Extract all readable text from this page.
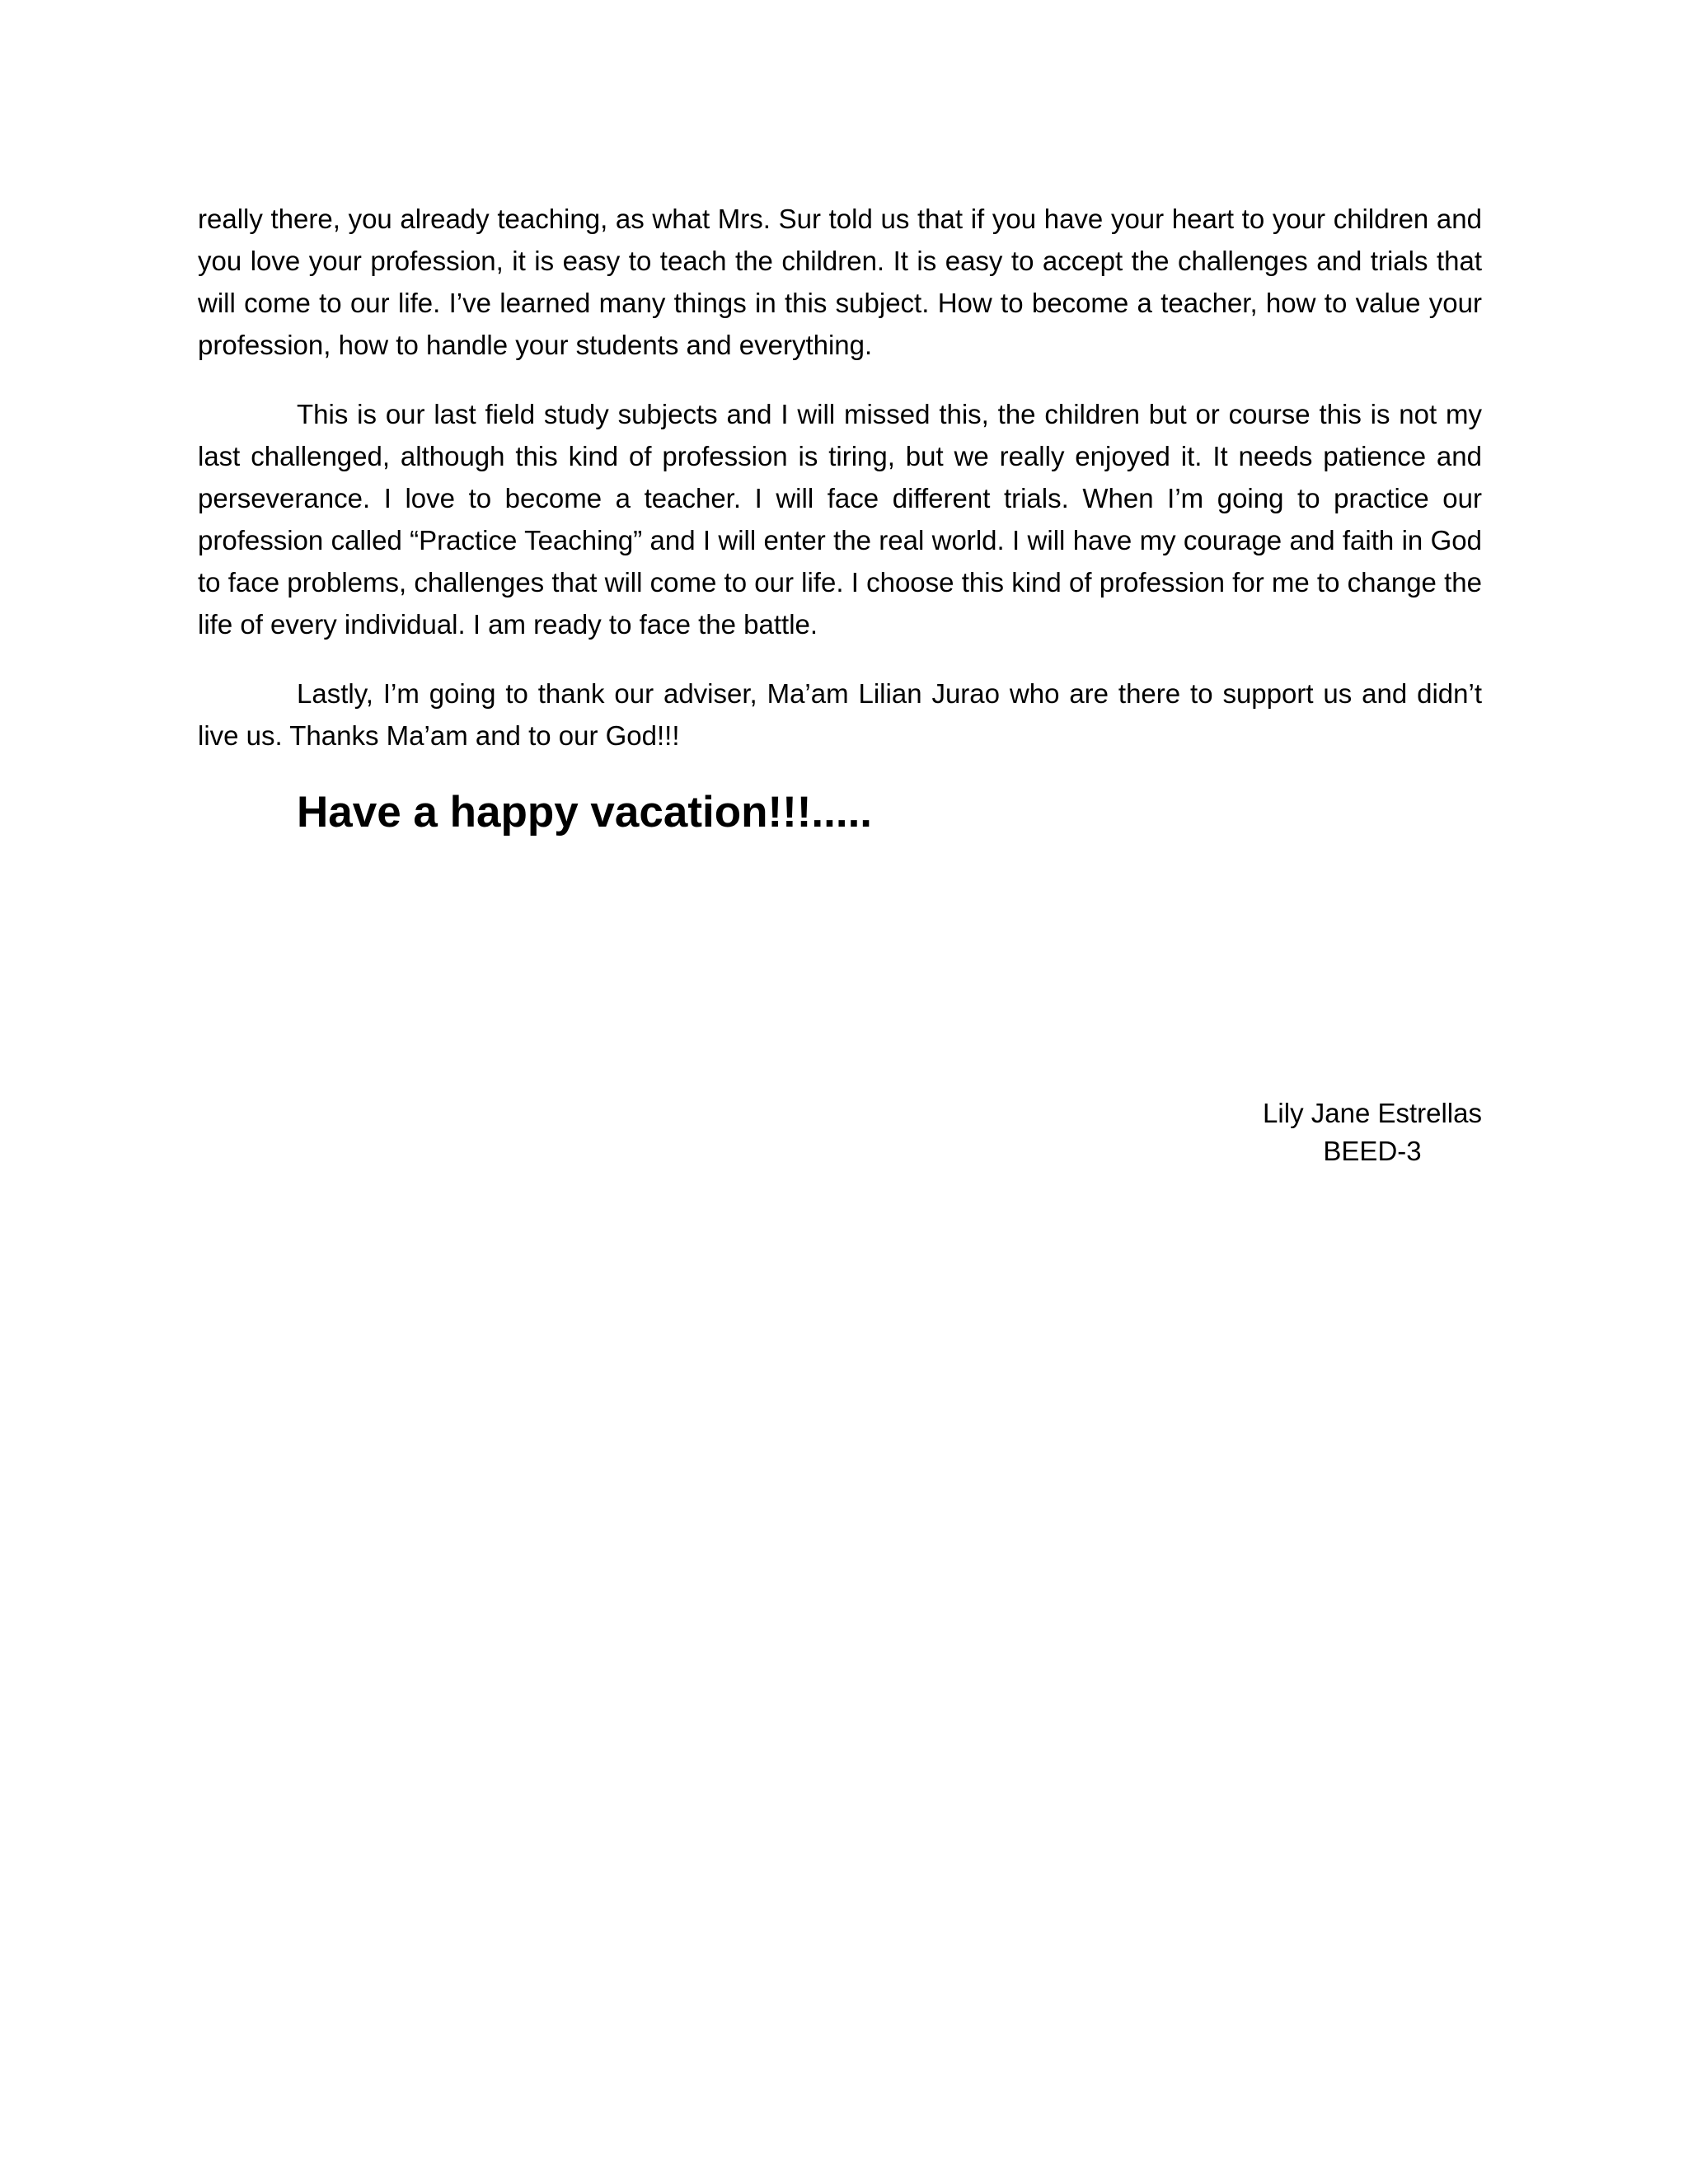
really there, you already teaching, as what Mrs. Sur told us that if you have your heart to your children and you love your profession, it is easy to teach the children. It is easy to accept the challenges and trials that will come to our life. I’ve learned many things in this subject. How to become a teacher, how to value your profession, how to handle your students and everything.

This is our last field study subjects and I will missed this, the children but or course this is not my last challenged, although this kind of profession is tiring, but we really enjoyed it. It needs patience and perseverance. I love to become a teacher. I will face different trials. When I’m going to practice our profession called “Practice Teaching” and I will enter the real world. I will have my courage and faith in God to face problems, challenges that will come to our life. I choose this kind of profession for me to change the life of every individual. I am ready to face the battle.

Lastly, I’m going to thank our adviser, Ma’am Lilian Jurao who are there to support us and didn’t live us. Thanks Ma’am and to our God!!!

Have a happy vacation!!!.....
Lily Jane Estrellas
BEED-3
